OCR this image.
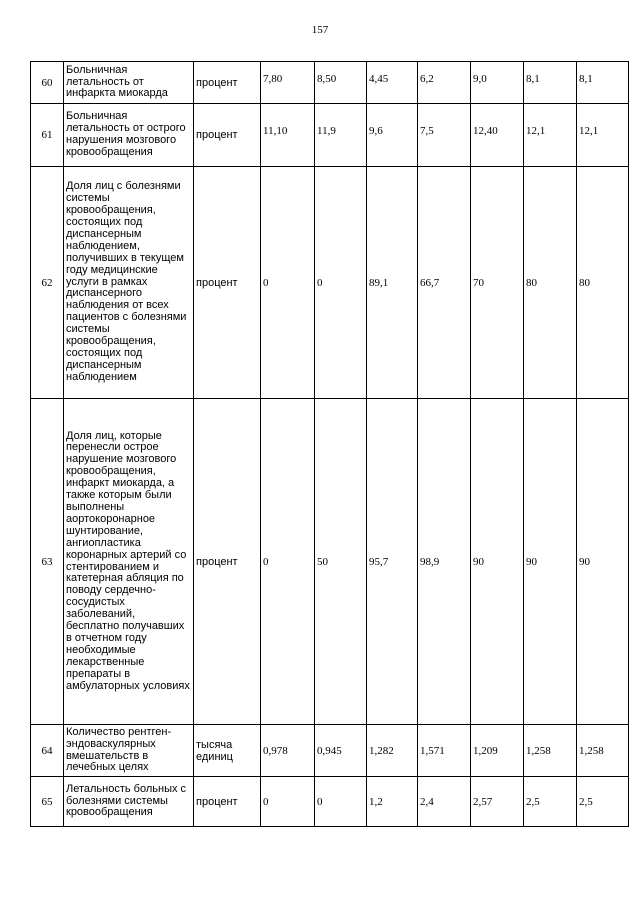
157
60	Больничная летальность от инфаркта миокарда	процент	7,80	8,50	4,45	6,2	9,0	8,1	8,1

61	Больничная летальность от острого нарушения мозгового кровообращения	процент	11,10	11,9	9,6	7,5	12,40	12,1	12,1

62	Доля лиц с болезнями системы кровообращения, состоящих под диспансерным наблюдением, получивших в текущем году медицинские услуги в рамках диспансерного наблюдения от всех пациентов с болезнями системы кровообращения, состоящих под диспансерным наблюдением	процент	0	0	89,1	66,7	70	80	80
63	Доля лиц, которые перенесли острое нарушение мозгового кровообращения, инфаркт миокарда, а также которым были выполнены аортокоронарное шунтирование, ангиопластика коронарных артерий со стентированием и катетерная абляция по поводу сердечно-сосудистых заболеваний, бесплатно получавших в отчетном году необходимые лекарственные препараты в амбулаторных условиях	процент	0	50	95,7	98,9	90	90	90
64	Количество рентген-эндоваскулярных вмешательств в лечебных целях	тысяча единиц	0,978	0,945	1,282	1,571	1,209	1,258	1,258
65	Летальность больных с болезнями системы кровообращения	процент	0	0	1,2	2,4	2,57	2,5	2,5
